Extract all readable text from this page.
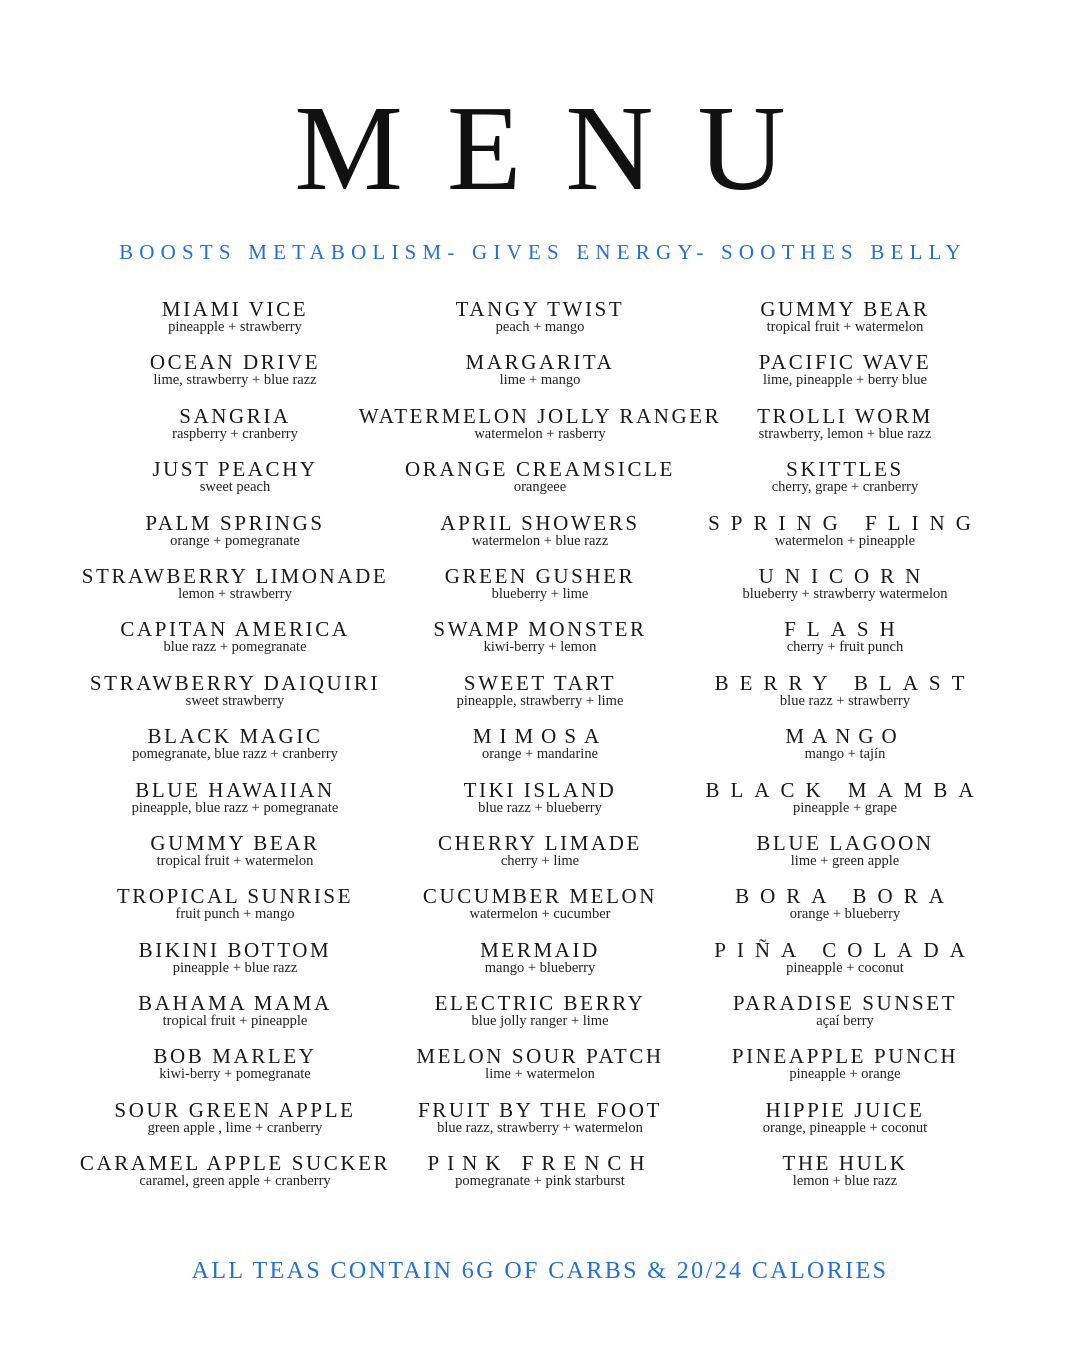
MENU
BOOSTS METABOLISM- GIVES ENERGY- SOOTHES BELLY
MIAMI VICE
pineapple + strawberry
TANGY TWIST
peach + mango
GUMMY BEAR
tropical fruit + watermelon
OCEAN DRIVE
lime, strawberry + blue razz
MARGARITA
lime + mango
PACIFIC WAVE
lime, pineapple + berry blue
SANGRIA
raspberry + cranberry
WATERMELON JOLLY RANGER
watermelon + rasberry
TROLLI WORM
strawberry, lemon + blue razz
JUST PEACHY
sweet peach
ORANGE CREAMSICLE
orangeee
SKITTLES
cherry, grape + cranberry
PALM SPRINGS
orange + pomegranate
APRIL SHOWERS
watermelon + blue razz
SPRING FLING
watermelon + pineapple
STRAWBERRY LIMONADE
lemon + strawberry
GREEN GUSHER
blueberry + lime
UNICORN
blueberry + strawberry watermelon
CAPITAN AMERICA
blue razz + pomegranate
SWAMP MONSTER
kiwi-berry + lemon
FLASH
cherry + fruit punch
STRAWBERRY DAIQUIRI
sweet strawberry
SWEET TART
pineapple, strawberry + lime
BERRY BLAST
blue razz + strawberry
BLACK MAGIC
pomegranate, blue razz + cranberry
MIMOSA
orange + mandarine
MANGO
mango + tajín
BLUE HAWAIIAN
pineapple, blue razz + pomegranate
TIKI ISLAND
blue razz + blueberry
BLACK MAMBA
pineapple + grape
GUMMY BEAR
tropical fruit + watermelon
CHERRY LIMADE
cherry + lime
BLUE LAGOON
lime + green apple
TROPICAL SUNRISE
fruit punch + mango
CUCUMBER MELON
watermelon + cucumber
BORA BORA
orange + blueberry
BIKINI BOTTOM
pineapple + blue razz
MERMAID
mango + blueberry
PIÑA COLADA
pineapple + coconut
BAHAMA MAMA
tropical fruit + pineapple
ELECTRIC BERRY
blue jolly ranger + lime
PARADISE SUNSET
açaí berry
BOB MARLEY
kiwi-berry + pomegranate
MELON SOUR PATCH
lime + watermelon
PINEAPPLE PUNCH
pineapple + orange
SOUR GREEN APPLE
green apple , lime + cranberry
FRUIT BY THE FOOT
blue razz, strawberry + watermelon
HIPPIE JUICE
orange, pineapple + coconut
CARAMEL APPLE SUCKER
caramel, green apple + cranberry
PINK FRENCH
pomegranate + pink starburst
THE HULK
lemon + blue razz
ALL TEAS CONTAIN 6G OF CARBS & 20/24 CALORIES
